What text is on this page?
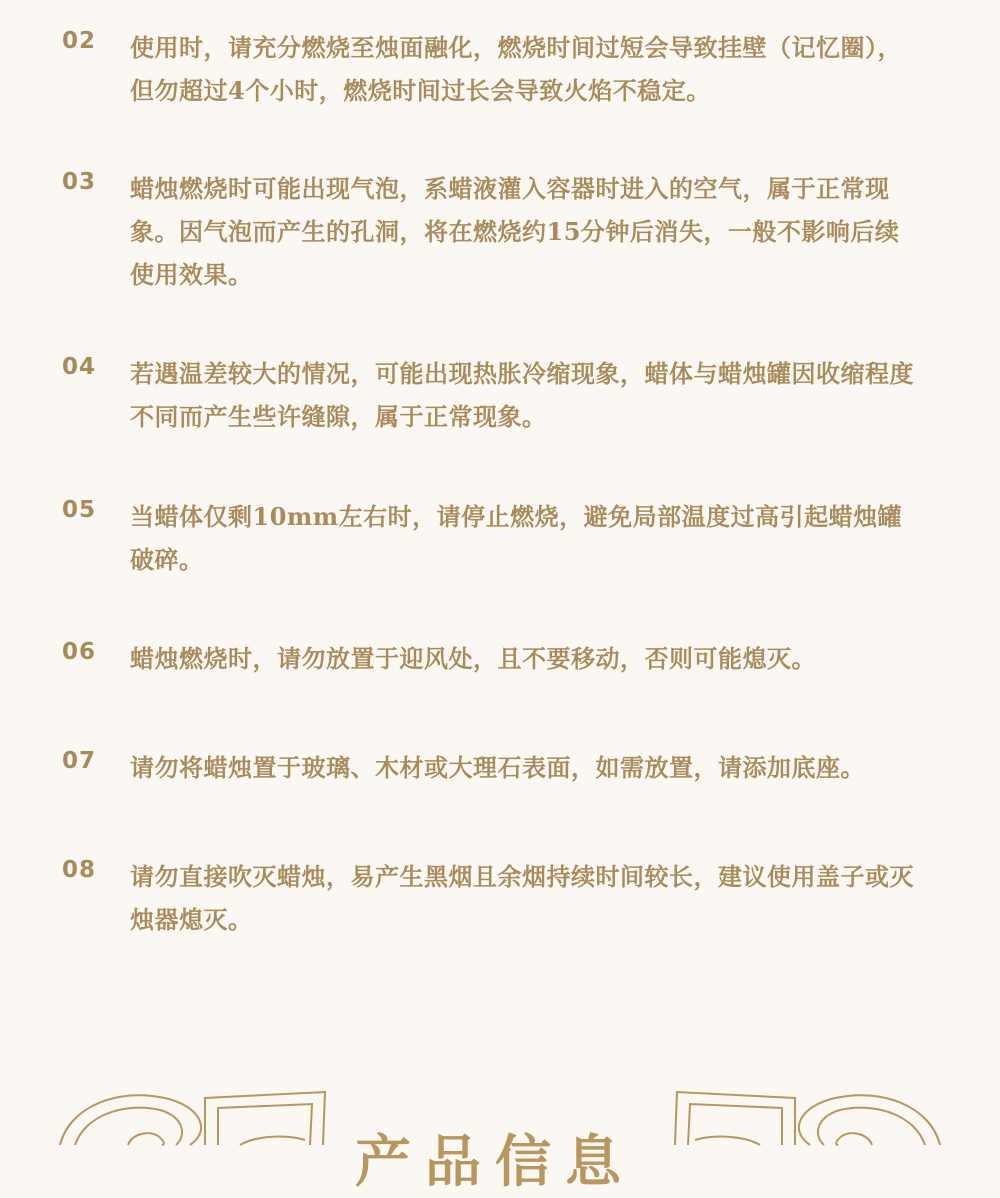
02 使用时，请充分燃烧至烛面融化，燃烧时间过短会导致挂壁（记忆圈），但勿超过4个小时，燃烧时间过长会导致火焰不稳定。
03 蜡烛燃烧时可能出现气泡，系蜡液灌入容器时进入的空气，属于正常现象。因气泡而产生的孔洞，将在燃烧约15分钟后消失，一般不影响后续使用效果。
04 若遇温差较大的情况，可能出现热胀冷缩现象，蜡体与蜡烛罐因收缩程度不同而产生些许缝隙，属于正常现象。
05 当蜡体仅剩10mm左右时，请停止燃烧，避免局部温度过高引起蜡烛罐破碎。
06 蜡烛燃烧时，请勿放置于迎风处，且不要移动，否则可能熄灭。
07 请勿将蜡烛置于玻璃、木材或大理石表面，如需放置，请添加底座。
08 请勿直接吹灭蜡烛，易产生黑烟且余烟持续时间较长，建议使用盖子或灭烛器熄灭。
产品信息
